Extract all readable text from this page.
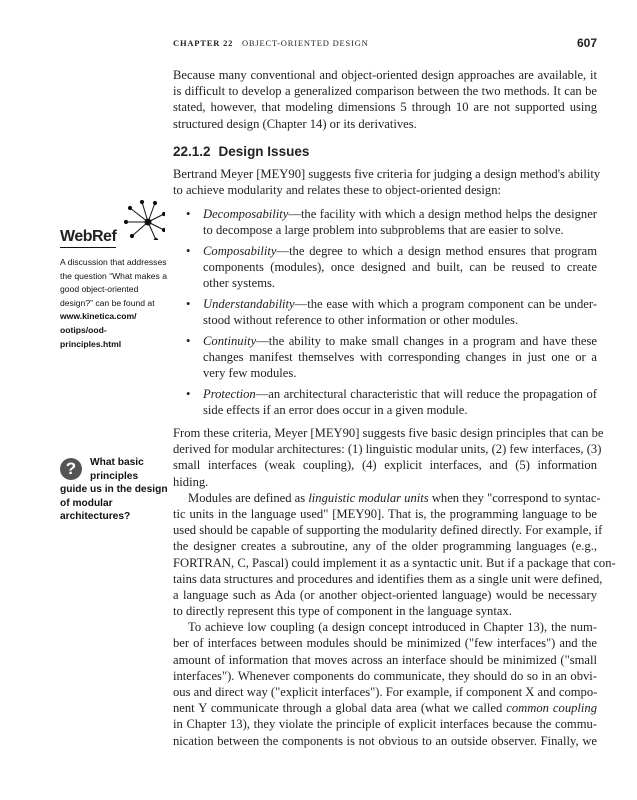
CHAPTER 22 OBJECT-ORIENTED DESIGN	607
Because many conventional and object-oriented design approaches are available, it
is difficult to develop a generalized comparison between the two methods. It can be
stated, however, that modeling dimensions 5 through 10 are not supported using
structured design (Chapter 14) or its derivatives.
22.1.2 Design Issues
Bertrand Meyer [MEY90] suggests five criteria for judging a design method's ability
to achieve modularity and relates these to object-oriented design:
• Decomposability—the facility with which a design method helps the designer
to decompose a large problem into subproblems that are easier to solve.
• Composability—the degree to which a design method ensures that program
components (modules), once designed and built, can be reused to create
other systems.
• Understandability—the ease with which a program component can be under-
stood without reference to other information or other modules.
• Continuity—the ability to make small changes in a program and have these
changes manifest themselves with corresponding changes in just one or a
very few modules.
• Protection—an architectural characteristic that will reduce the propagation of
side effects if an error does occur in a given module.
From these criteria, Meyer [MEY90] suggests five basic design principles that can be
derived for modular architectures: (1) linguistic modular units, (2) few interfaces, (3)
small interfaces (weak coupling), (4) explicit interfaces, and (5) information
hiding.
Modules are defined as linguistic modular units when they "correspond to syntac-
tic units in the language used" [MEY90]. That is, the programming language to be
used should be capable of supporting the modularity defined directly. For example, if
the designer creates a subroutine, any of the older programming languages (e.g.,
FORTRAN, C, Pascal) could implement it as a syntactic unit. But if a package that con-
tains data structures and procedures and identifies them as a single unit were defined,
a language such as Ada (or another object-oriented language) would be necessary
to directly represent this type of component in the language syntax.
To achieve low coupling (a design concept introduced in Chapter 13), the num-
ber of interfaces between modules should be minimized ("few interfaces") and the
amount of information that moves across an interface should be minimized ("small
interfaces"). Whenever components do communicate, they should do so in an obvi-
ous and direct way ("explicit interfaces"). For example, if component X and compo-
nent Y communicate through a global data area (what we called common coupling
in Chapter 13), they violate the principle of explicit interfaces because the commu-
nication between the components is not obvious to an outside observer. Finally, we
WebRef
A discussion that addresses the question “What makes a good object-oriented design?” can be found at
www.kinetica.com/ ootips/ood- principles.html
?	What basic principles
guide us in the design of modular architectures?
